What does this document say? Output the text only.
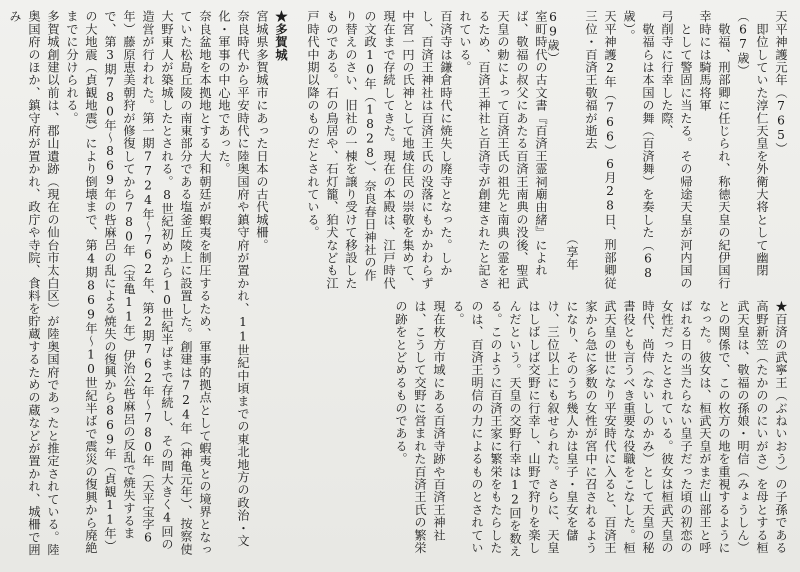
天平神護元年（765）
　即位していた淳仁天皇を外衛大将として幽閉（67歳）
　敬福、刑部卿に任じられ、称徳天皇の紀伊国行幸時には騎馬将軍
　として警固に当たる。その帰途天皇が河内国の弓削寺に行幸した際、
　敬福らは本国の舞（百済舞）を奏した（68歳）。
天平神護2年（766）6月28日、刑部卿従三位・百済王敬福が逝去
　　　　　　　　　　　　　　　　　　（享年69歳）
室町時代の古文書『百済王霊祠廟由緒』によれば、敬福の叔父にあたる百済王南典の没後、聖武天皇の勅によって百済王氏の祖先と南典の霊を祀るため、百済王神社と百済寺が創建されたと記されている。
百済寺は鎌倉時代に焼失し廃寺となった。しかし、百済王神社は百済王氏の没落にもかかわらず中宮一円の氏神として地域住民の崇敬を集めて、現在まで存続してきた。現在の本殿は、江戸時代の文政10年（1828）、奈良春日神社の作り替えのさい、旧社の一棟を譲り受けて移設したものである。石の鳥居や、石灯籠、狛犬なども江戸時代中期以降のものだとされている。
★百済の武寧王（ぶねいおう）の子孫である高野新笠（たかののにいがさ）を母とする桓武天皇は、敬福の孫娘・明信（みょうしん）との関係で、この枚方の地を重視するようになった。彼女は、桓武天皇がまだ山部王と呼ばれる日の当たらない皇子だった頃の初恋の女性だったとされている。彼女は桓武天皇の時代、尚侍（ないしのかみ）として天皇の秘書役とも言うべき重要な役職をこなした。桓武天皇の世になり平安時代に入ると、百済王家から急に多数の女性が宮中に召されるようになり、そのうち幾人かは皇子・皇女を儲け、三位以上にも叙せられた。さらに、天皇はしばしば交野に行幸し、山野で狩りを楽しんだという。天皇の交野行幸は12回を数える。このように百済王家に繁栄をもたらしたのは、百済王明信の力によるものとされている。
現在枚方市域にある百済寺跡や百済王神社は、こうして交野に営まれた百済王氏の繁栄の跡をとどめるものである。
★多賀城
宮城県多賀城市にあった日本の古代城柵。
奈良時代から平安時代に陸奥国府や鎮守府が置かれ、11世紀中頃までの東北地方の政治・文化・軍事の中心地であった。
奈良盆地を本拠地とする大和朝廷が蝦夷を制圧するため、軍事的拠点として蝦夷との境界となっていた松島丘陵の南東部分である塩釜丘陵上に設置した。創建は724年（神亀元年）、按察使大野東人が築城したとされる。8世紀初めから10世紀半ばまで存続し、その間大きく4回の造営が行われた。第一期7724年〜762年、第2期762年〜780年（天平宝字6年）藤原恵美朝狩が修復してから780年（宝亀11年）伊治公呰麻呂の反乱で焼失するまで、第3期780年〜869年の呰麻呂の乱による焼失の復興から869年（貞観11年）の大地震（貞観地震）により倒壊まで、第4期869年〜10世紀半ばで震災の復興から廃絶までに分けられる。
多賀城創建以前は、郡山遺跡（現在の仙台市太白区）が陸奥国府であったと推定されている。陸奥国府のほか、鎮守府が置かれ、政庁や寺院、食料を貯蔵するための蔵などが置かれ、城柵で囲み
